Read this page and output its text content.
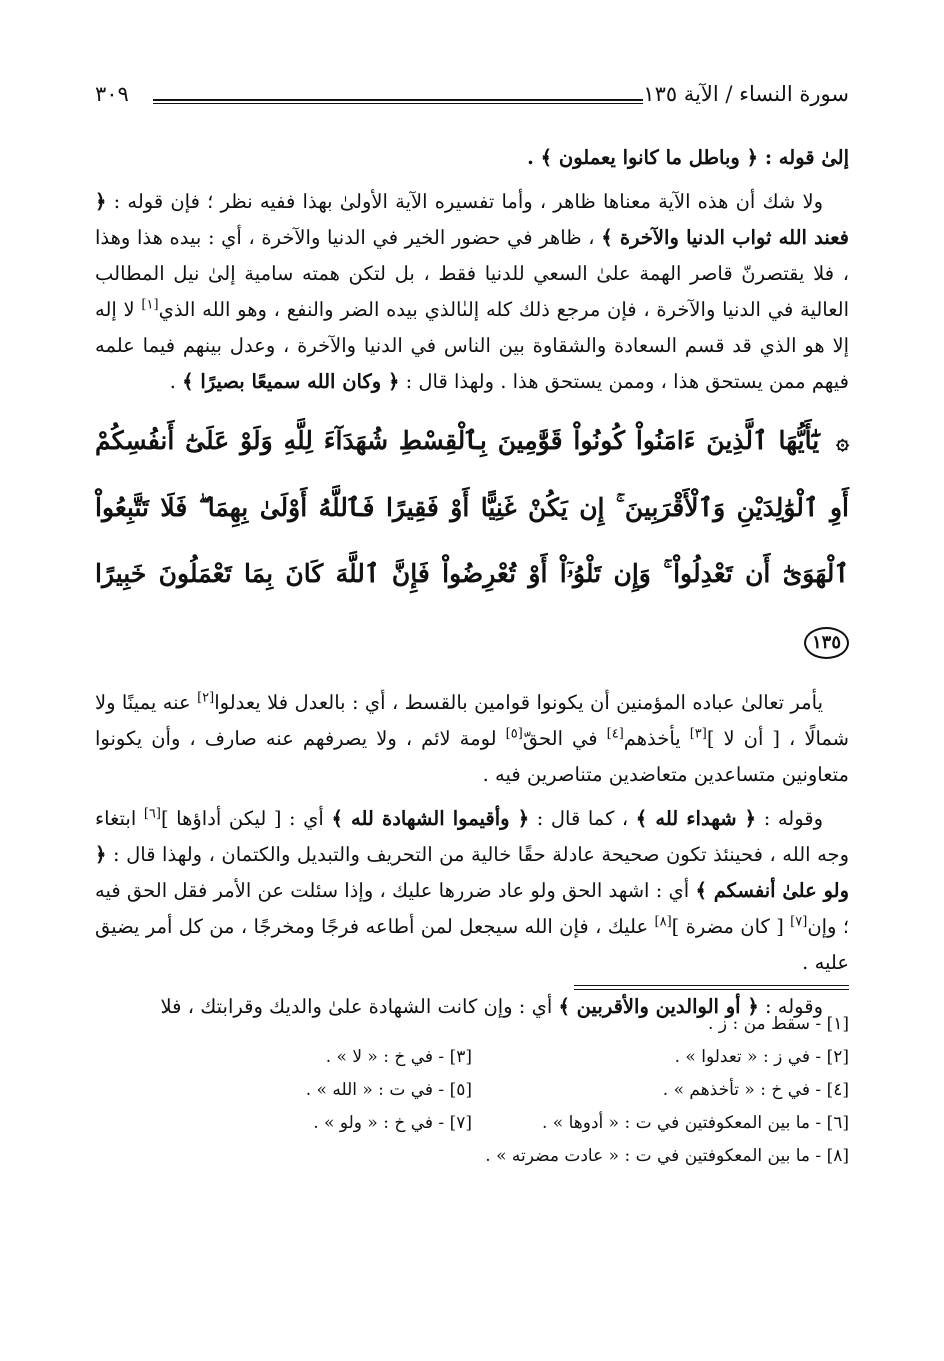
سورة النساء / الآية ١٣٥
٣٠٩

إلىٰ قوله : ﴿ وباطل ما كانوا يعملون ﴾ .

ولا شك أن هذه الآية معناها ظاهر ، وأما تفسيره الآية الأولىٰ بهذا ففيه نظر ؛ فإن قوله : ﴿ فعند الله ثواب الدنيا والآخرة ﴾ ، ظاهر في حضور الخير في الدنيا والآخرة ، أي : بيده هذا وهذا ، فلا يقتصرنّ قاصر الهمة علىٰ السعي للدنيا فقط ، بل لتكن همته سامية إلىٰ نيل المطالب العالية في الدنيا والآخرة ، فإن مرجع ذلك كله إلىٰالذي بيده الضر والنفع ، وهو الله الذي[١] لا إله إلا هو الذي قد قسم السعادة والشقاوة بين الناس في الدنيا والآخرة ، وعدل بينهم فيما علمه فيهم ممن يستحق هذا ، وممن يستحق هذا . ولهذا قال : ﴿ وكان الله سميعًا بصيرًا ﴾ .

۞ يَٰٓأَيُّهَا ٱلَّذِينَ ءَامَنُواْ كُونُواْ قَوَّٰمِينَ بِٱلْقِسْطِ شُهَدَآءَ لِلَّهِ وَلَوْ عَلَىٰٓ أَنفُسِكُمْ أَوِ ٱلْوَٰلِدَيْنِ وَٱلْأَقْرَبِينَ ۚ إِن يَكُنْ غَنِيًّا أَوْ فَقِيرًا فَٱللَّهُ أَوْلَىٰ بِهِمَا ۖ فَلَا تَتَّبِعُواْ ٱلْهَوَىٰٓ أَن تَعْدِلُواْ ۚ وَإِن تَلْوُۥٓاْ أَوْ تُعْرِضُواْ فَإِنَّ ٱللَّهَ كَانَ بِمَا تَعْمَلُونَ خَبِيرًا ١٣٥

يأمر تعالىٰ عباده المؤمنين أن يكونوا قوامين بالقسط ، أي : بالعدل فلا يعدلوا[٢] عنه يمينًا ولا شمالًا ، [ أن لا ][٣] يأخذهم[٤] في الحقّ[٥] لومة لائم ، ولا يصرفهم عنه صارف ، وأن يكونوا متعاونين متساعدين متعاضدين متناصرين فيه .

وقوله : ﴿ شهداء لله ﴾ ، كما قال : ﴿ وأقيموا الشهادة لله ﴾ أي : [ ليكن أداؤها ][٦] ابتغاء وجه الله ، فحينئذ تكون صحيحة عادلة حقًا خالية من التحريف والتبديل والكتمان ، ولهذا قال : ﴿ ولو علىٰ أنفسكم ﴾ أي : اشهد الحق ولو عاد ضررها عليك ، وإذا سئلت عن الأمر فقل الحق فيه ؛ وإن[٧] [ كان مضرة ][٨] عليك ، فإن الله سيجعل لمن أطاعه فرجًا ومخرجًا ، من كل أمر يضيق عليه .

وقوله : ﴿ أو الوالدين والأقربين ﴾ أي : وإن كانت الشهادة علىٰ والديك وقرابتك ، فلا

[١] - سقط من : ز .
[٢] - في ز : « تعدلوا » .
[٣] - في خ : « لا » .
[٤] - في خ : « تأخذهم » .
[٥] - في ت : « الله » .
[٦] - ما بين المعكوفتين في ت : « أدوها » .
[٧] - في خ : « ولو » .
[٨] - ما بين المعكوفتين في ت : « عادت مضرته » .
